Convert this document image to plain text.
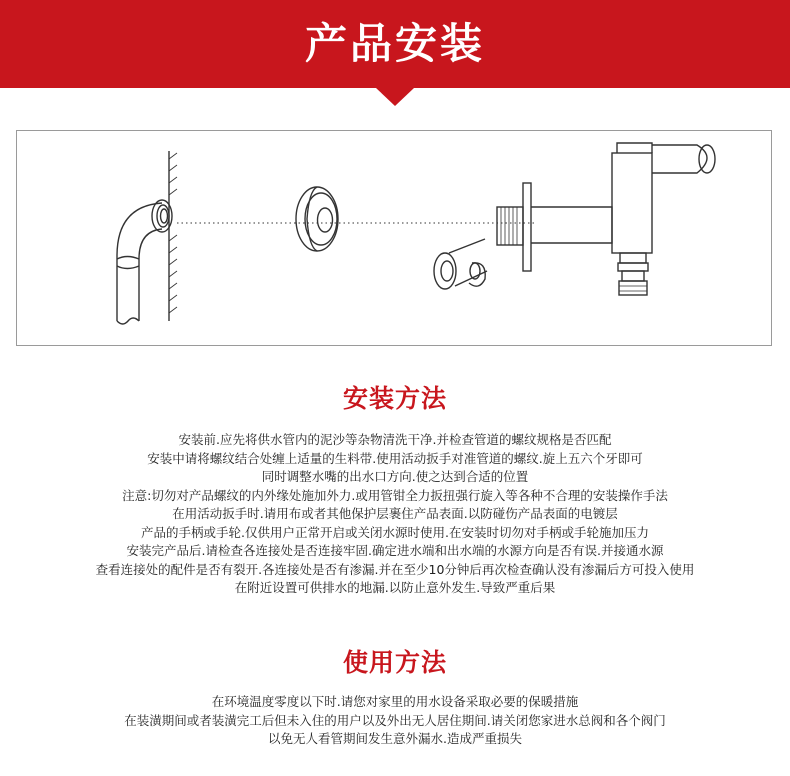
产品安装
安装方法
安装前.应先将供水管内的泥沙等杂物清洗干净.并检查管道的螺纹规格是否匹配
安装中请将螺纹结合处缠上适量的生料带.使用活动扳手对准管道的螺纹.旋上五六个牙即可
同时调整水嘴的出水口方向.使之达到合适的位置
注意:切勿对产品螺纹的内外缘处施加外力.或用管钳全力扳扭强行旋入等各种不合理的安装操作手法
在用活动扳手时.请用布或者其他保护层裹住产品表面.以防碰伤产品表面的电镀层
产品的手柄或手轮.仅供用户正常开启或关闭水源时使用.在安装时切勿对手柄或手轮施加压力
安装完产品后.请检查各连接处是否连接牢固.确定进水端和出水端的水源方向是否有误.并接通水源
查看连接处的配件是否有裂开.各连接处是否有渗漏.并在至少10分钟后再次检查确认没有渗漏后方可投入使用
在附近设置可供排水的地漏.以防止意外发生.导致严重后果
使用方法
在环境温度零度以下时.请您对家里的用水设备采取必要的保暖措施
在装潢期间或者装潢完工后但未入住的用户以及外出无人居住期间.请关闭您家进水总阀和各个阀门
以免无人看管期间发生意外漏水.造成严重损失
